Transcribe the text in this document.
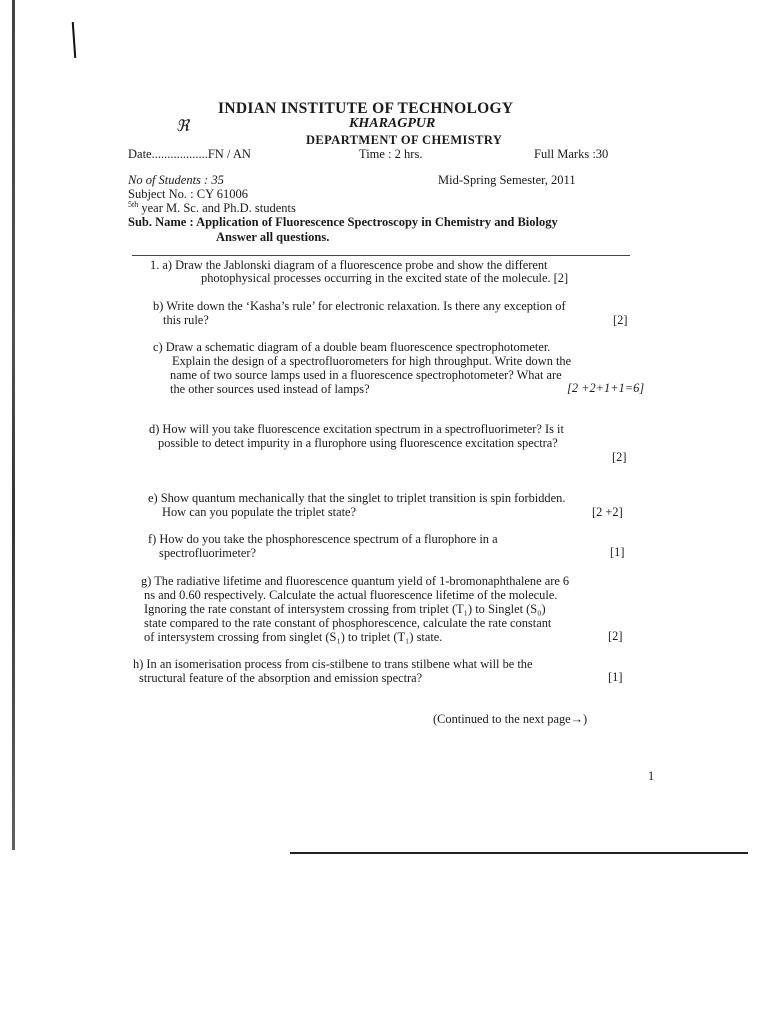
ℜ
INDIAN INSTITUTE OF TECHNOLOGY
KHARAGPUR
DEPARTMENT OF CHEMISTRY
Date..................FN / AN	Time : 2 hrs.	Full Marks :30
No of Students : 35	Mid-Spring Semester, 2011
Subject No. : CY 61006
$^{5th}$ year M. Sc. and Ph.D. students
Sub. Name : Application of Fluorescence Spectroscopy in Chemistry and Biology
Answer all questions.
1. a) Draw the Jablonski diagram of a fluorescence probe and show the different
photophysical processes occurring in the excited state of the molecule. [2]
b) Write down the ‘Kasha’s rule’ for electronic relaxation. Is there any exception of
this rule?	[2]
c) Draw a schematic diagram of a double beam fluorescence spectrophotometer.
Explain the design of a spectrofluorometers for high throughput. Write down the
name of two source lamps used in a fluorescence spectrophotometer? What are
the other sources used instead of lamps?	[2 +2+1+1=6]
d) How will you take fluorescence excitation spectrum in a spectrofluorimeter? Is it
possible to detect impurity in a flurophore using fluorescence excitation spectra?
[2]
e) Show quantum mechanically that the singlet to triplet transition is spin forbidden.
How can you populate the triplet state?	[2 +2]
f) How do you take the phosphorescence spectrum of a flurophore in a
spectrofluorimeter?	[1]
g) The radiative lifetime and fluorescence quantum yield of 1-bromonaphthalene are 6
ns and 0.60 respectively. Calculate the actual fluorescence lifetime of the molecule.
Ignoring the rate constant of intersystem crossing from triplet (T₁) to Singlet (S₀)
state compared to the rate constant of phosphorescence, calculate the rate constant
of intersystem crossing from singlet (S₁) to triplet (T₁) state.	[2]
h) In an isomerisation process from cis-stilbene to trans stilbene what will be the
structural feature of the absorption and emission spectra?	[1]
(Continued to the next page→)
1
